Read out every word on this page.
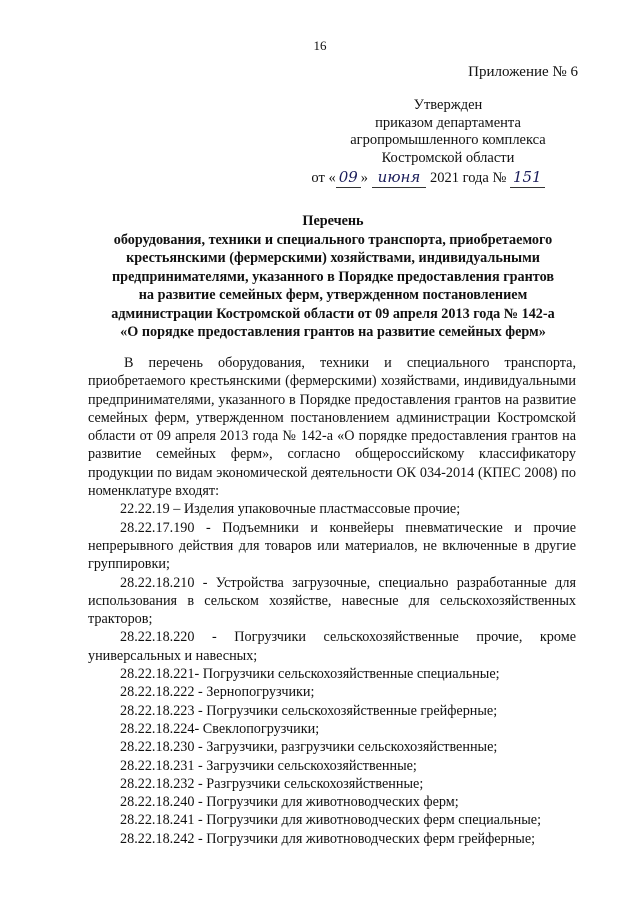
16
Приложение № 6
Утвержден
приказом департамента
агропромышленного комплекса
Костромской области
от « 09 » июня 2021 года № 151
Перечень
оборудования, техники и специального транспорта, приобретаемого
крестьянскими (фермерскими) хозяйствами, индивидуальными
предпринимателями, указанного в Порядке предоставления грантов
на развитие семейных ферм, утвержденном постановлением
администрации Костромской области от 09 апреля 2013 года № 142-а
«О порядке предоставления грантов на развитие семейных ферм»

В перечень оборудования, техники и специального транспорта, приобретаемого крестьянскими (фермерскими) хозяйствами, индивидуальными предпринимателями, указанного в Порядке предоставления грантов на развитие семейных ферм, утвержденном постановлением администрации Костромской области от 09 апреля 2013 года № 142-а «О порядке предоставления грантов на развитие семейных ферм», согласно общероссийскому классификатору продукции по видам экономической деятельности ОК 034-2014 (КПЕС 2008) по номенклатуре входят:

22.22.19 – Изделия упаковочные пластмассовые прочие;

28.22.17.190 - Подъемники и конвейеры пневматические и прочие непрерывного действия для товаров или материалов, не включенные в другие группировки;

28.22.18.210 - Устройства загрузочные, специально разработанные для использования в сельском хозяйстве, навесные для сельскохозяйственных тракторов;

28.22.18.220 - Погрузчики сельскохозяйственные прочие, кроме универсальных и навесных;

28.22.18.221- Погрузчики сельскохозяйственные специальные;

28.22.18.222 - Зернопогрузчики;

28.22.18.223 - Погрузчики сельскохозяйственные грейферные;

28.22.18.224- Свеклопогрузчики;

28.22.18.230 - Загрузчики, разгрузчики сельскохозяйственные;

28.22.18.231 - Загрузчики сельскохозяйственные;

28.22.18.232 - Разгрузчики сельскохозяйственные;

28.22.18.240 - Погрузчики для животноводческих ферм;

28.22.18.241 - Погрузчики для животноводческих ферм специальные;

28.22.18.242 - Погрузчики для животноводческих ферм грейферные;
